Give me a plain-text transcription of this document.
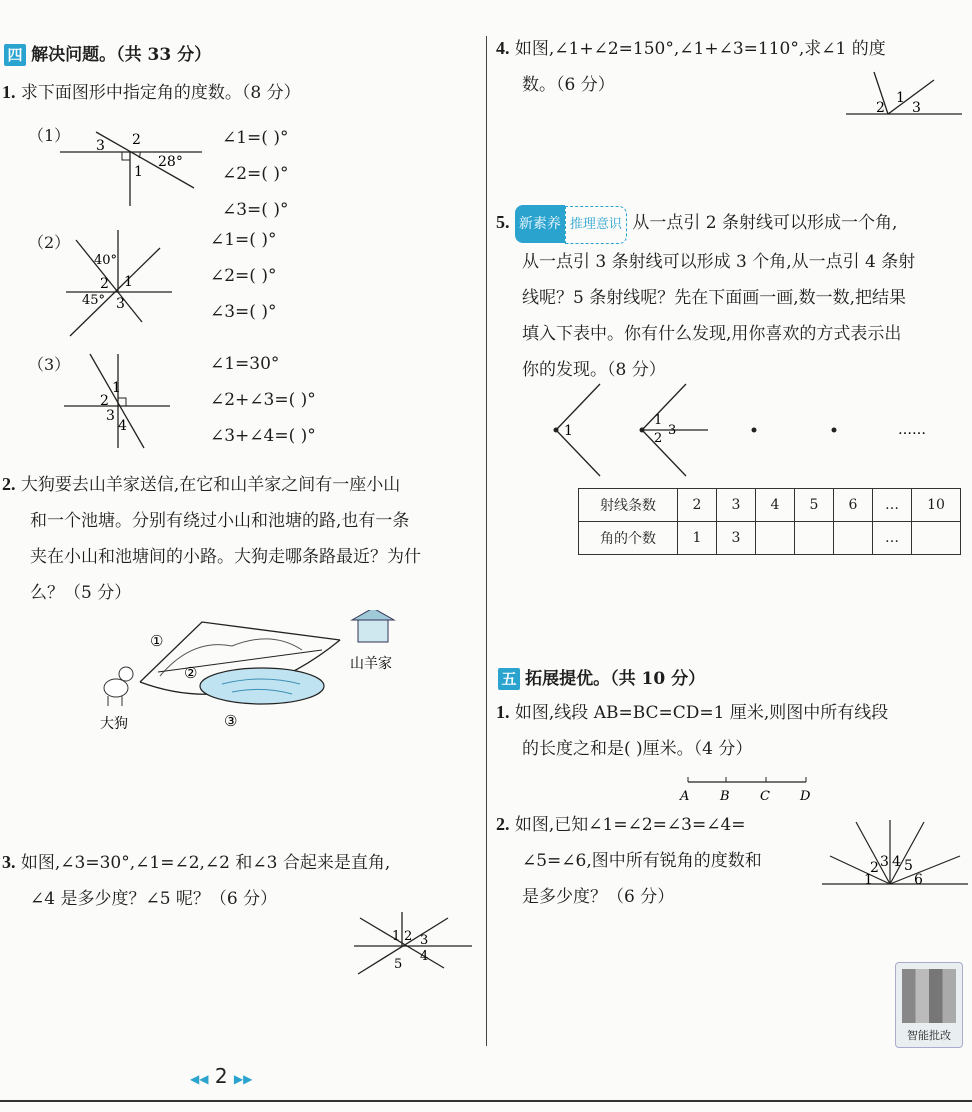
四 解决问题。（共 33 分）
1. 求下面图形中指定角的度数。（8 分）
（1）
3 2
1
28°
∠1=( )°
∠2=( )°
∠3=( )°
（2）
40°
2 1
45° 3
∠1=( )°
∠2=( )°
∠3=( )°
（3）
1
2
3
4
∠1=30°
∠2+∠3=( )°
∠3+∠4=( )°
2. 大狗要去山羊家送信,在它和山羊家之间有一座小山
和一个池塘。分别有绕过小山和池塘的路,也有一条
夹在小山和池塘间的小路。大狗走哪条路最近？为什
么？（5 分）
①
②
③
大狗
山羊家
3. 如图,∠3=30°,∠1=∠2,∠2 和∠3 合起来是直角,
∠4 是多少度？∠5 呢？（6 分）
1 2 3
4
5
4. 如图,∠1+∠2=150°,∠1+∠3=110°,求∠1 的度
数。（6 分）
1
2 3
5. 新素养 推理意识 从一点引 2 条射线可以形成一个角,
从一点引 3 条射线可以形成 3 个角,从一点引 4 条射
线呢？5 条射线呢？先在下面画一画,数一数,把结果
填入下表中。你有什么发现,用你喜欢的方式表示出
你的发现。（8 分）
1
1
2
3	……
射线条数	2	3	4	5	6	…	10
角的个数	1	3				…	
五 拓展提优。（共 10 分）
1. 如图,线段 AB=BC=CD=1 厘米,则图中所有线段
的长度之和是( )厘米。（4 分）
A B C D
2. 如图,已知∠1=∠2=∠3=∠4=
∠5=∠6,图中所有锐角的度数和
是多少度？（6 分）
1
2 3 4 5
6
智能批改
◀◀ 2 ▶▶
